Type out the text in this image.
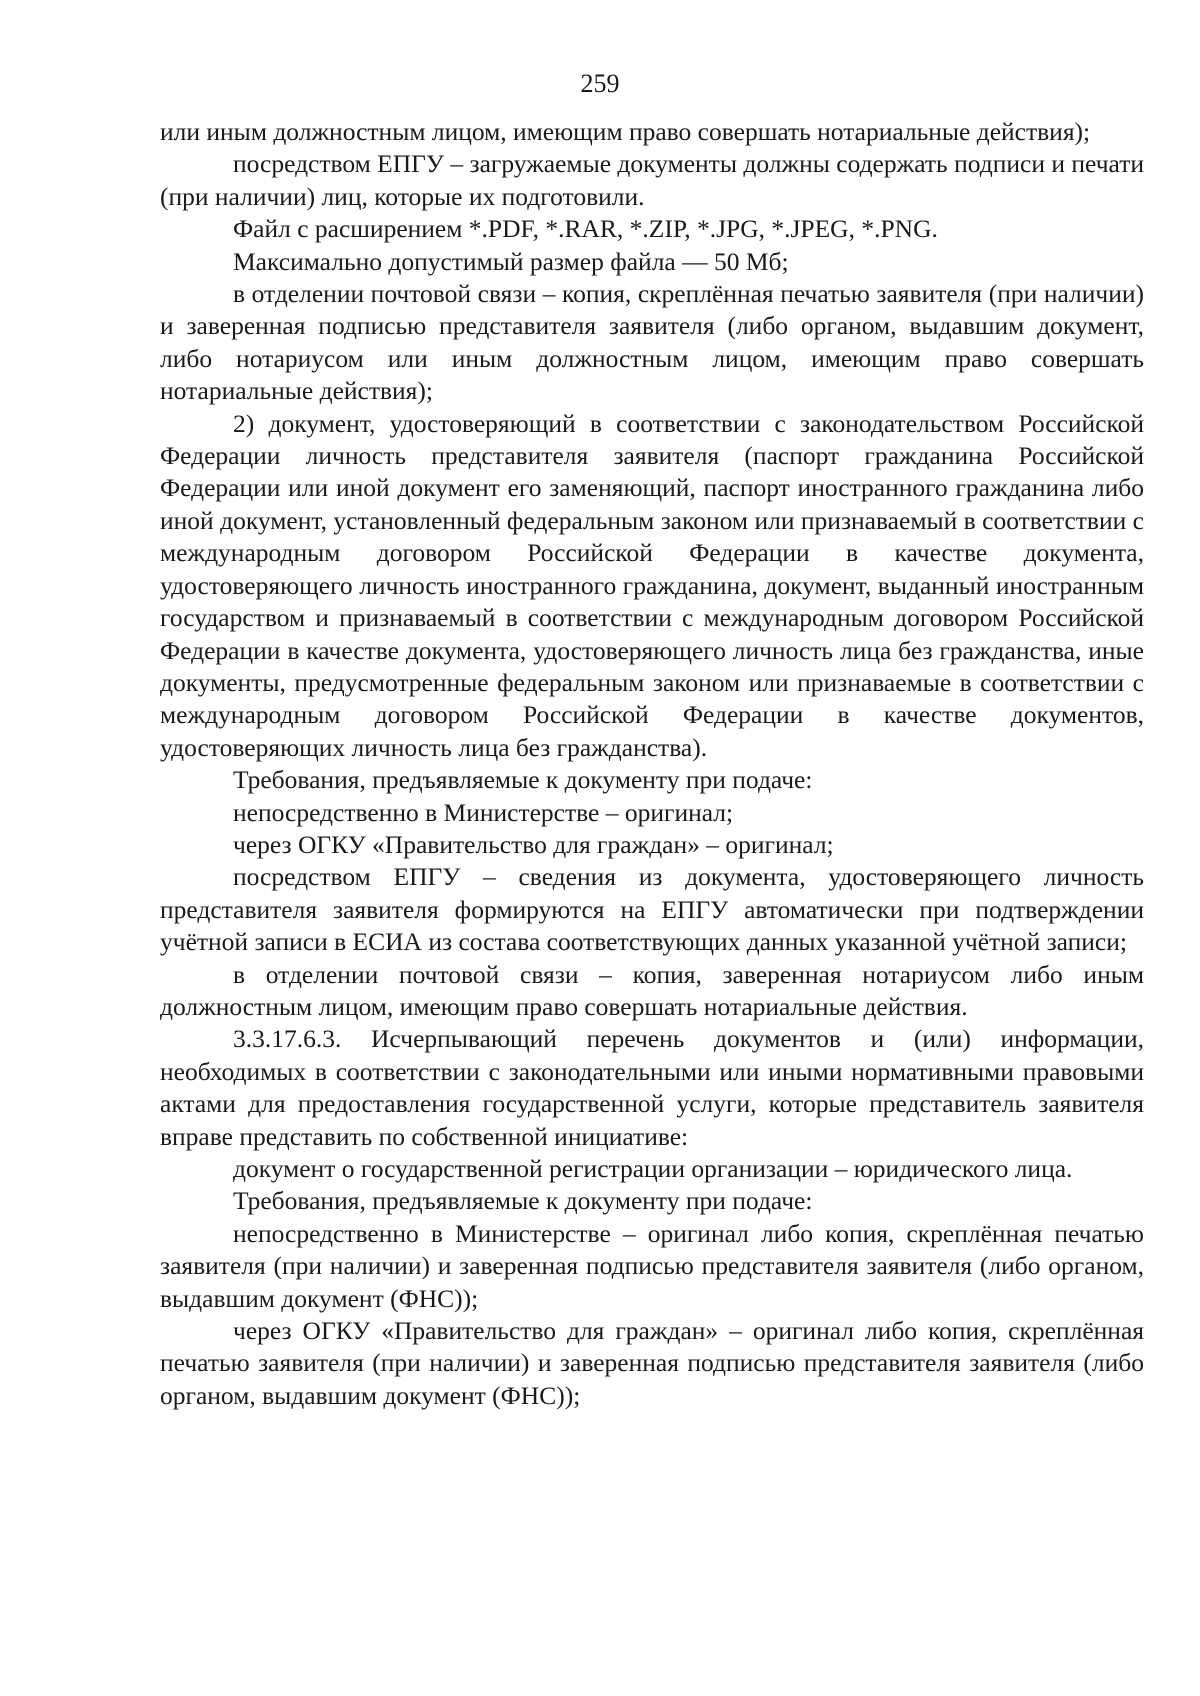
259

или иным должностным лицом, имеющим право совершать нотариальные действия);

посредством ЕПГУ – загружаемые документы должны содержать подписи и печати (при наличии) лиц, которые их подготовили.

Файл с расширением *.PDF, *.RAR, *.ZIP, *.JPG, *.JPEG, *.PNG.

Максимально допустимый размер файла — 50 Мб;

в отделении почтовой связи – копия, скреплённая печатью заявителя (при наличии) и заверенная подписью представителя заявителя (либо органом, выдавшим документ, либо нотариусом или иным должностным лицом, имеющим право совершать нотариальные действия);

2) документ, удостоверяющий в соответствии с законодательством Российской Федерации личность представителя заявителя (паспорт гражданина Российской Федерации или иной документ его заменяющий, паспорт иностранного гражданина либо иной документ, установленный федеральным законом или признаваемый в соответствии с международным договором Российской Федерации в качестве документа, удостоверяющего личность иностранного гражданина, документ, выданный иностранным государством и признаваемый в соответствии с международным договором Российской Федерации в качестве документа, удостоверяющего личность лица без гражданства, иные документы, предусмотренные федеральным законом или признаваемые в соответствии с международным договором Российской Федерации в качестве документов, удостоверяющих личность лица без гражданства).

Требования, предъявляемые к документу при подаче:

непосредственно в Министерстве – оригинал;

через ОГКУ «Правительство для граждан» – оригинал;

посредством ЕПГУ – сведения из документа, удостоверяющего личность представителя заявителя формируются на ЕПГУ автоматически при подтверждении учётной записи в ЕСИА из состава соответствующих данных указанной учётной записи;

в отделении почтовой связи – копия, заверенная нотариусом либо иным должностным лицом, имеющим право совершать нотариальные действия.

3.3.17.6.3. Исчерпывающий перечень документов и (или) информации, необходимых в соответствии с законодательными или иными нормативными правовыми актами для предоставления государственной услуги, которые представитель заявителя вправе представить по собственной инициативе:

документ о государственной регистрации организации – юридического лица.

Требования, предъявляемые к документу при подаче:

непосредственно в Министерстве – оригинал либо копия, скреплённая печатью заявителя (при наличии) и заверенная подписью представителя заявителя (либо органом, выдавшим документ (ФНС));

через ОГКУ «Правительство для граждан» – оригинал либо копия, скреплённая печатью заявителя (при наличии) и заверенная подписью представителя заявителя (либо органом, выдавшим документ (ФНС));
